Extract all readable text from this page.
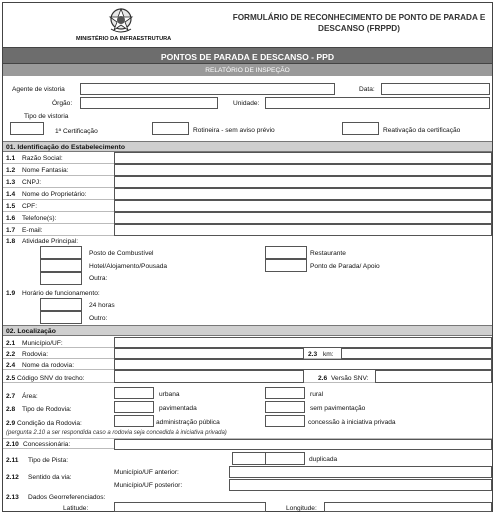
MINISTÉRIO DA INFRAESTRUTURA
FORMULÁRIO DE RECONHECIMENTO DE PONTO DE PARADA E DESCANSO (FRPPD)
PONTOS DE PARADA E DESCANSO - PPD
RELATÓRIO DE INSPEÇÃO
Agente de vistoria	Data:
Órgão:	Unidade:
Tipo de vistoria
1ª Certificação	Rotineira - sem aviso prévio	Reativação da certificação
01. Identificação do Estabelecimento
1.1 Razão Social:
1.2 Nome Fantasia:
1.3 CNPJ:
1.4 Nome do Proprietário:
1.5 CPF:
1.6 Telefone(s):
1.7 E-mail:
1.8 Atividade Principal:
Posto de Combustível	Restaurante
Hotel/Alojamento/Pousada	Ponto de Parada/ Apoio
Outra:
1.9 Horário de funcionamento:
24 horas
Outro:
02. Localização
2.1 Município/UF:
2.2 Rodovia:	2.3 km:
2.4 Nome da rodovia:
2.5 Código SNV do trecho:	2.6 Versão SNV:
2.7 Área:	urbana	rural
2.8 Tipo de Rodovia:	pavimentada	sem pavimentação
2.9 Condição da Rodovia:	administração pública	concessão à iniciativa privada
(pergunta 2.10 a ser respondida caso a rodovia seja concedida à iniciativa privada)
2.10 Concessionária:
2.11 Tipo de Pista:	duplicada
2.12 Sentido da via:
Município/UF anterior:
Município/UF posterior:
2.13 Dados Georreferenciados:
Latitude:	Longitude:
